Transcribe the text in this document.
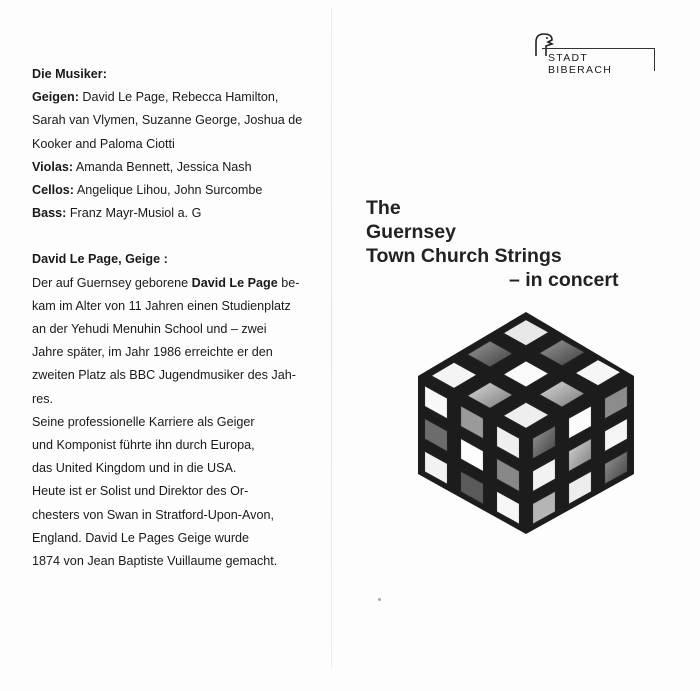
Die Musiker:

Geigen: David Le Page, Rebecca Hamilton,

Sarah van Vlymen, Suzanne George, Joshua de

Kooker and Paloma Ciotti

Violas: Amanda Bennett, Jessica Nash

Cellos: Angelique Lihou, John Surcombe

Bass: Franz Mayr-Musiol a. G

David Le Page, Geige :

Der auf Guernsey geborene David Le Page be-

kam im Alter von 11 Jahren einen Studienplatz

an der Yehudi Menuhin School und – zwei

Jahre später, im Jahr 1986 erreichte er den

zweiten Platz als BBC Jugendmusiker des Jah-

res.

Seine professionelle Karriere als Geiger

und Komponist führte ihn durch Europa,

das United Kingdom und in die USA.

Heute ist er Solist und Direktor des Or-

chesters von Swan in Stratford-Upon-Avon,

England. David Le Pages Geige wurde

1874 von Jean Baptiste Vuillaume gemacht.

STADT BIBERACH
The
Guernsey
Town Church Strings
– in concert
